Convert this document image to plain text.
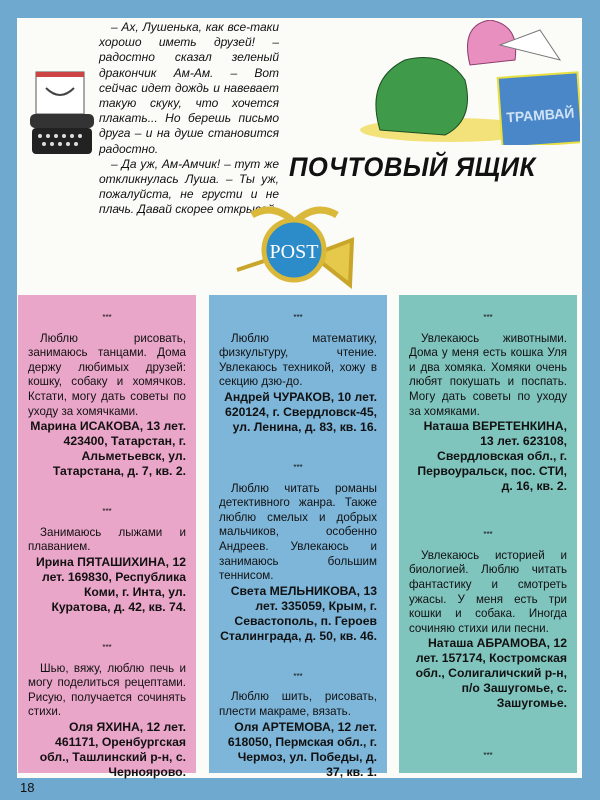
– Ах, Лушенька, как все-таки хорошо иметь друзей! – радостно сказал зеленый дракончик Ам-Ам. – Вот сейчас идет дождь и навевает такую скуку, что хочется плакать... Но берешь письмо друга – и на душе становится радостно.

– Да уж, Ам-Амчик! – тут же откликнулась Луша. – Ты уж, пожалуйста, не грусти и не плачь. Давай скорее открывай

ТРАМВАЙ
ПОЧТОВЫЙ ЯЩИК
POST
***

Люблю рисовать, занимаюсь танцами. Дома держу любимых друзей: кошку, собаку и хомячков. Кстати, могу дать советы по уходу за хомячками.

Марина ИСАКОВА, 13 лет. 423400, Татарстан, г. Альметьевск, ул. Татарстана, д. 7, кв. 2.

***

Занимаюсь лыжами и плаванием.

Ирина ПЯТАШИХИНА, 12 лет. 169830, Республика Коми, г. Инта, ул. Куратова, д. 42, кв. 74.

***

Шью, вяжу, люблю печь и могу поделиться рецептами. Рисую, получается сочинять стихи.

Оля ЯХИНА, 12 лет. 461171, Оренбургская обл., Ташлинский р-н, с. Черноярово.

***

Люблю математику, физкультуру, чтение. Увлекаюсь техникой, хожу в секцию дзю-до.

Андрей ЧУРАКОВ, 10 лет. 620124, г. Свердловск-45, ул. Ленина, д. 83, кв. 16.

***

Люблю читать романы детективного жанра. Также люблю смелых и добрых мальчиков, особенно Андреев. Увлекаюсь и занимаюсь большим теннисом.

Света МЕЛЬНИКОВА, 13 лет. 335059, Крым, г. Севастополь, п. Героев Сталинграда, д. 50, кв. 46.

***

Люблю шить, рисовать, плести макраме, вязать.

Оля АРТЕМОВА, 12 лет. 618050, Пермская обл., г. Чермоз, ул. Победы, д. 37, кв. 1.

***

Увлекаюсь животными. Дома у меня есть кошка Уля и два хомяка. Хомяки очень любят покушать и поспать. Могу дать советы по уходу за хомяками.

Наташа ВЕРЕТЕНКИНА, 13 лет. 623108, Свердловская обл., г. Первоуральск, пос. СТИ, д. 16, кв. 2.

***

Увлекаюсь историей и биологией. Люблю читать фантастику и смотреть ужасы. У меня есть три кошки и собака. Иногда сочиняю стихи или песни.

Наташа АБРАМОВА, 12 лет. 157174, Костромская обл., Солигаличский р-н, п/о Зашугомье, с. Зашугомье.

***
18
